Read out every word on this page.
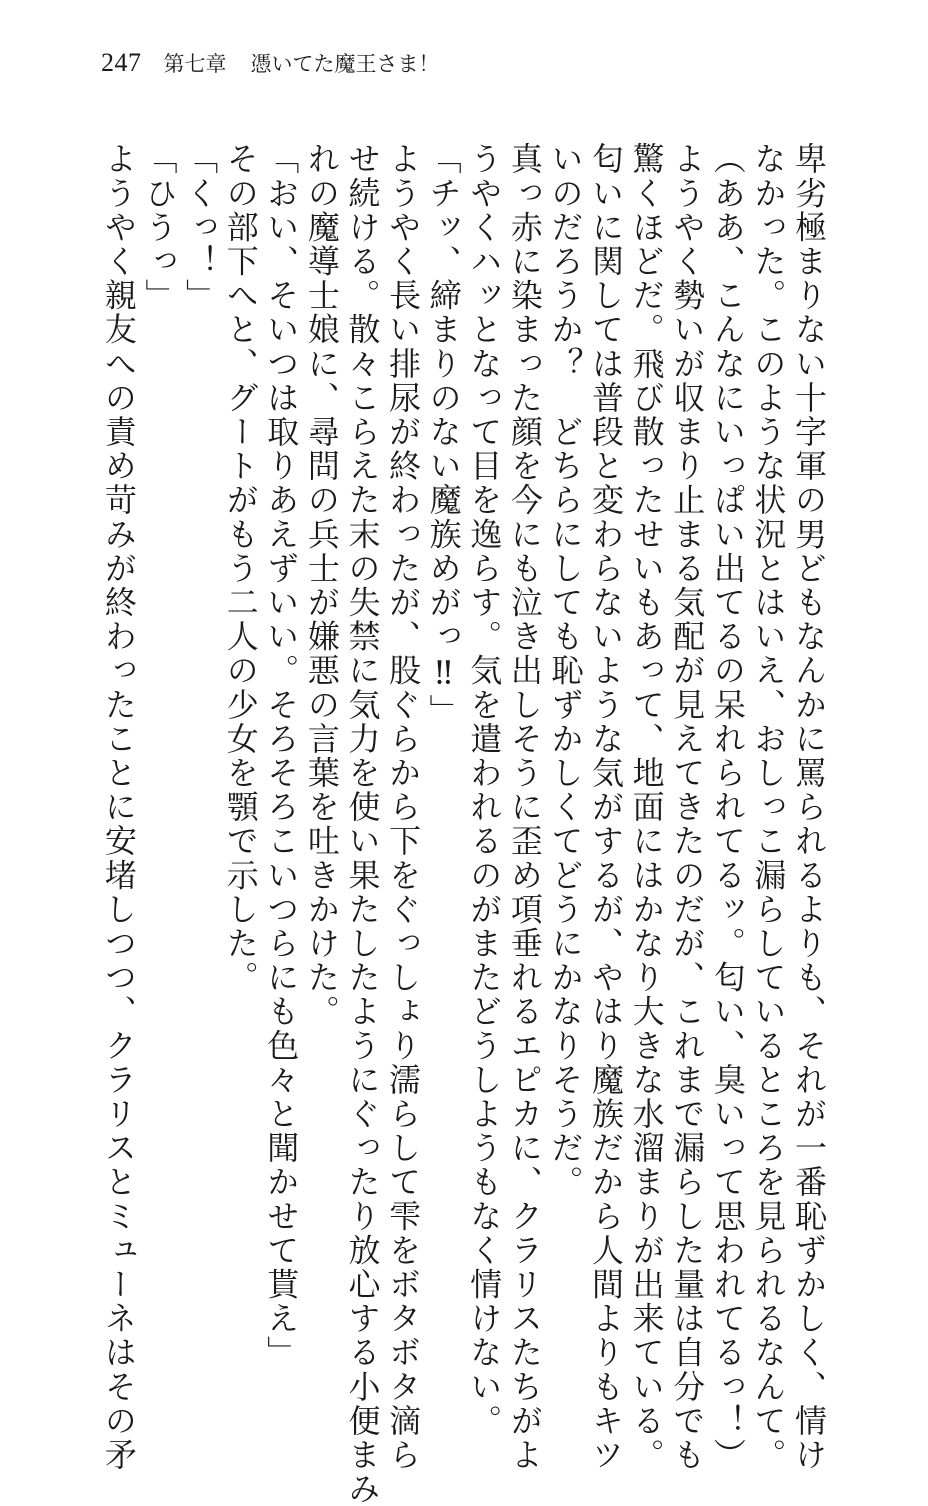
247 第七章 憑いてた魔王さま！

卑劣極まりない十字軍の男どもなんかに罵られるよりも、それが一番恥ずかしく、情け

なかった。このような状況とはいえ、おしっこ漏らしているところを見られるなんて。

（ああ、こんなにいっぱい出てるの呆れられてるッ。匂い、臭いって思われてるっ！）

ようやく勢いが収まり止まる気配が見えてきたのだが、これまで漏らした量は自分でも

驚くほどだ。飛び散ったせいもあって、地面にはかなり大きな水溜まりが出来ている。

匂いに関しては普段と変わらないような気がするが、やはり魔族だから人間よりもキツ

いのだろうか？　どちらにしても恥ずかしくてどうにかなりそうだ。

真っ赤に染まった顔を今にも泣き出しそうに歪め項垂れるエピカに、クラリスたちがよ

うやくハッとなって目を逸らす。気を遣われるのがまたどうしようもなく情けない。

「チッ、締まりのない魔族めがっ‼」

ようやく長い排尿が終わったが、股ぐらから下をぐっしょり濡らして雫をボタボタ滴ら

せ続ける。散々こらえた末の失禁に気力を使い果たしたようにぐったり放心する小便まみ

れの魔導士娘に、尋問の兵士が嫌悪の言葉を吐きかけた。

「おい、そいつは取りあえずいい。そろそろこいつらにも色々と聞かせて貰え」

その部下へと、グートがもう二人の少女を顎で示した。

「くっ！」

「ひうっ」

ようやく親友への責め苛みが終わったことに安堵しつつ、クラリスとミューネはその矛
